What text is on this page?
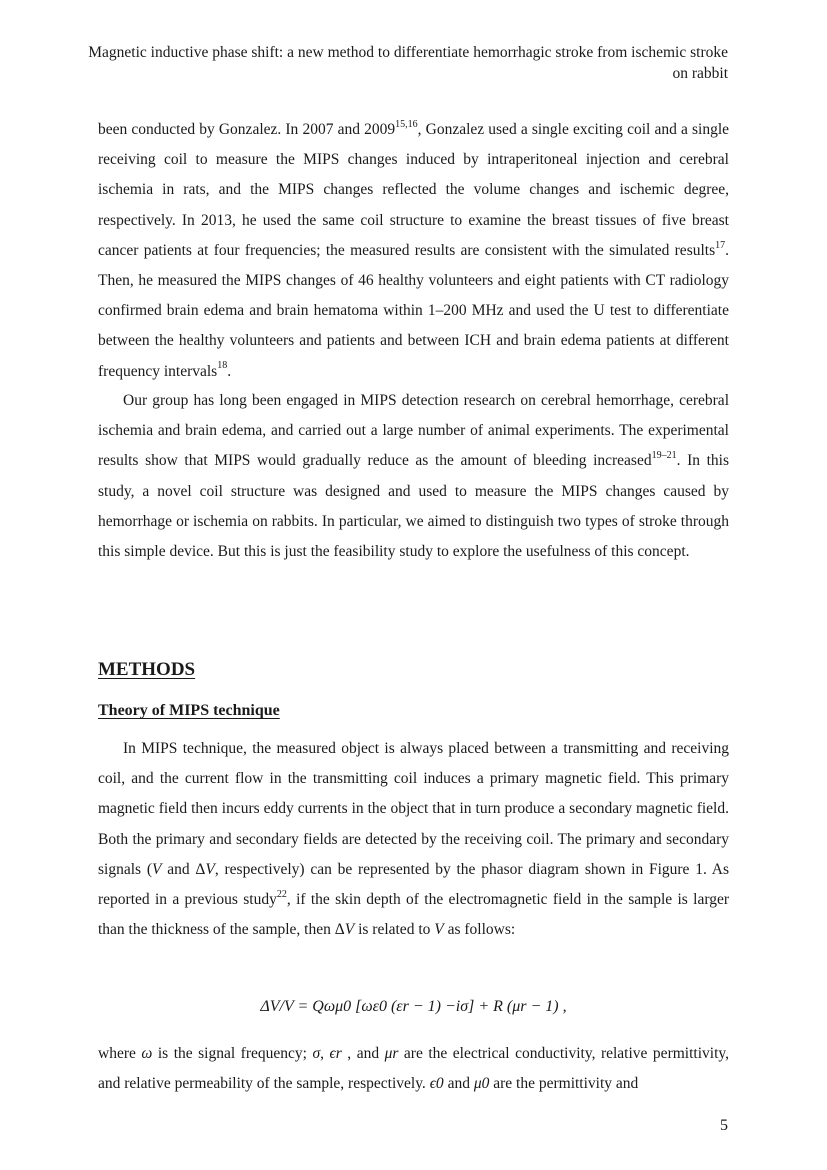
Magnetic inductive phase shift: a new method to differentiate hemorrhagic stroke from ischemic stroke on rabbit

been conducted by Gonzalez. In 2007 and 2009$^{15,16}$, Gonzalez used a single exciting coil and a single receiving coil to measure the MIPS changes induced by intraperitoneal injection and cerebral ischemia in rats, and the MIPS changes reflected the volume changes and ischemic degree, respectively. In 2013, he used the same coil structure to examine the breast tissues of five breast cancer patients at four frequencies; the measured results are consistent with the simulated results$^{17}$. Then, he measured the MIPS changes of 46 healthy volunteers and eight patients with CT radiology confirmed brain edema and brain hematoma within 1–200 MHz and used the U test to differentiate between the healthy volunteers and patients and between ICH and brain edema patients at different frequency intervals$^{18}$.

Our group has long been engaged in MIPS detection research on cerebral hemorrhage, cerebral ischemia and brain edema, and carried out a large number of animal experiments. The experimental results show that MIPS would gradually reduce as the amount of bleeding increased$^{19-21}$. In this study, a novel coil structure was designed and used to measure the MIPS changes caused by hemorrhage or ischemia on rabbits. In particular, we aimed to distinguish two types of stroke through this simple device. But this is just the feasibility study to explore the usefulness of this concept.

METHODS
Theory of MIPS technique

In MIPS technique, the measured object is always placed between a transmitting and receiving coil, and the current flow in the transmitting coil induces a primary magnetic field. This primary magnetic field then incurs eddy currents in the object that in turn produce a secondary magnetic field. Both the primary and secondary fields are detected by the receiving coil. The primary and secondary signals (V and ΔV, respectively) can be represented by the phasor diagram shown in Figure 1. As reported in a previous study$^{22}$, if the skin depth of the electromagnetic field in the sample is larger than the thickness of the sample, then ΔV is related to V as follows:

ΔV/V = Qωμ0 [ωε0 (εr − 1) −iσ] + R (μr − 1) ,

where ω is the signal frequency; σ, ϵr , and μr are the electrical conductivity, relative permittivity, and relative permeability of the sample, respectively. ϵ0 and μ0 are the permittivity and

5
